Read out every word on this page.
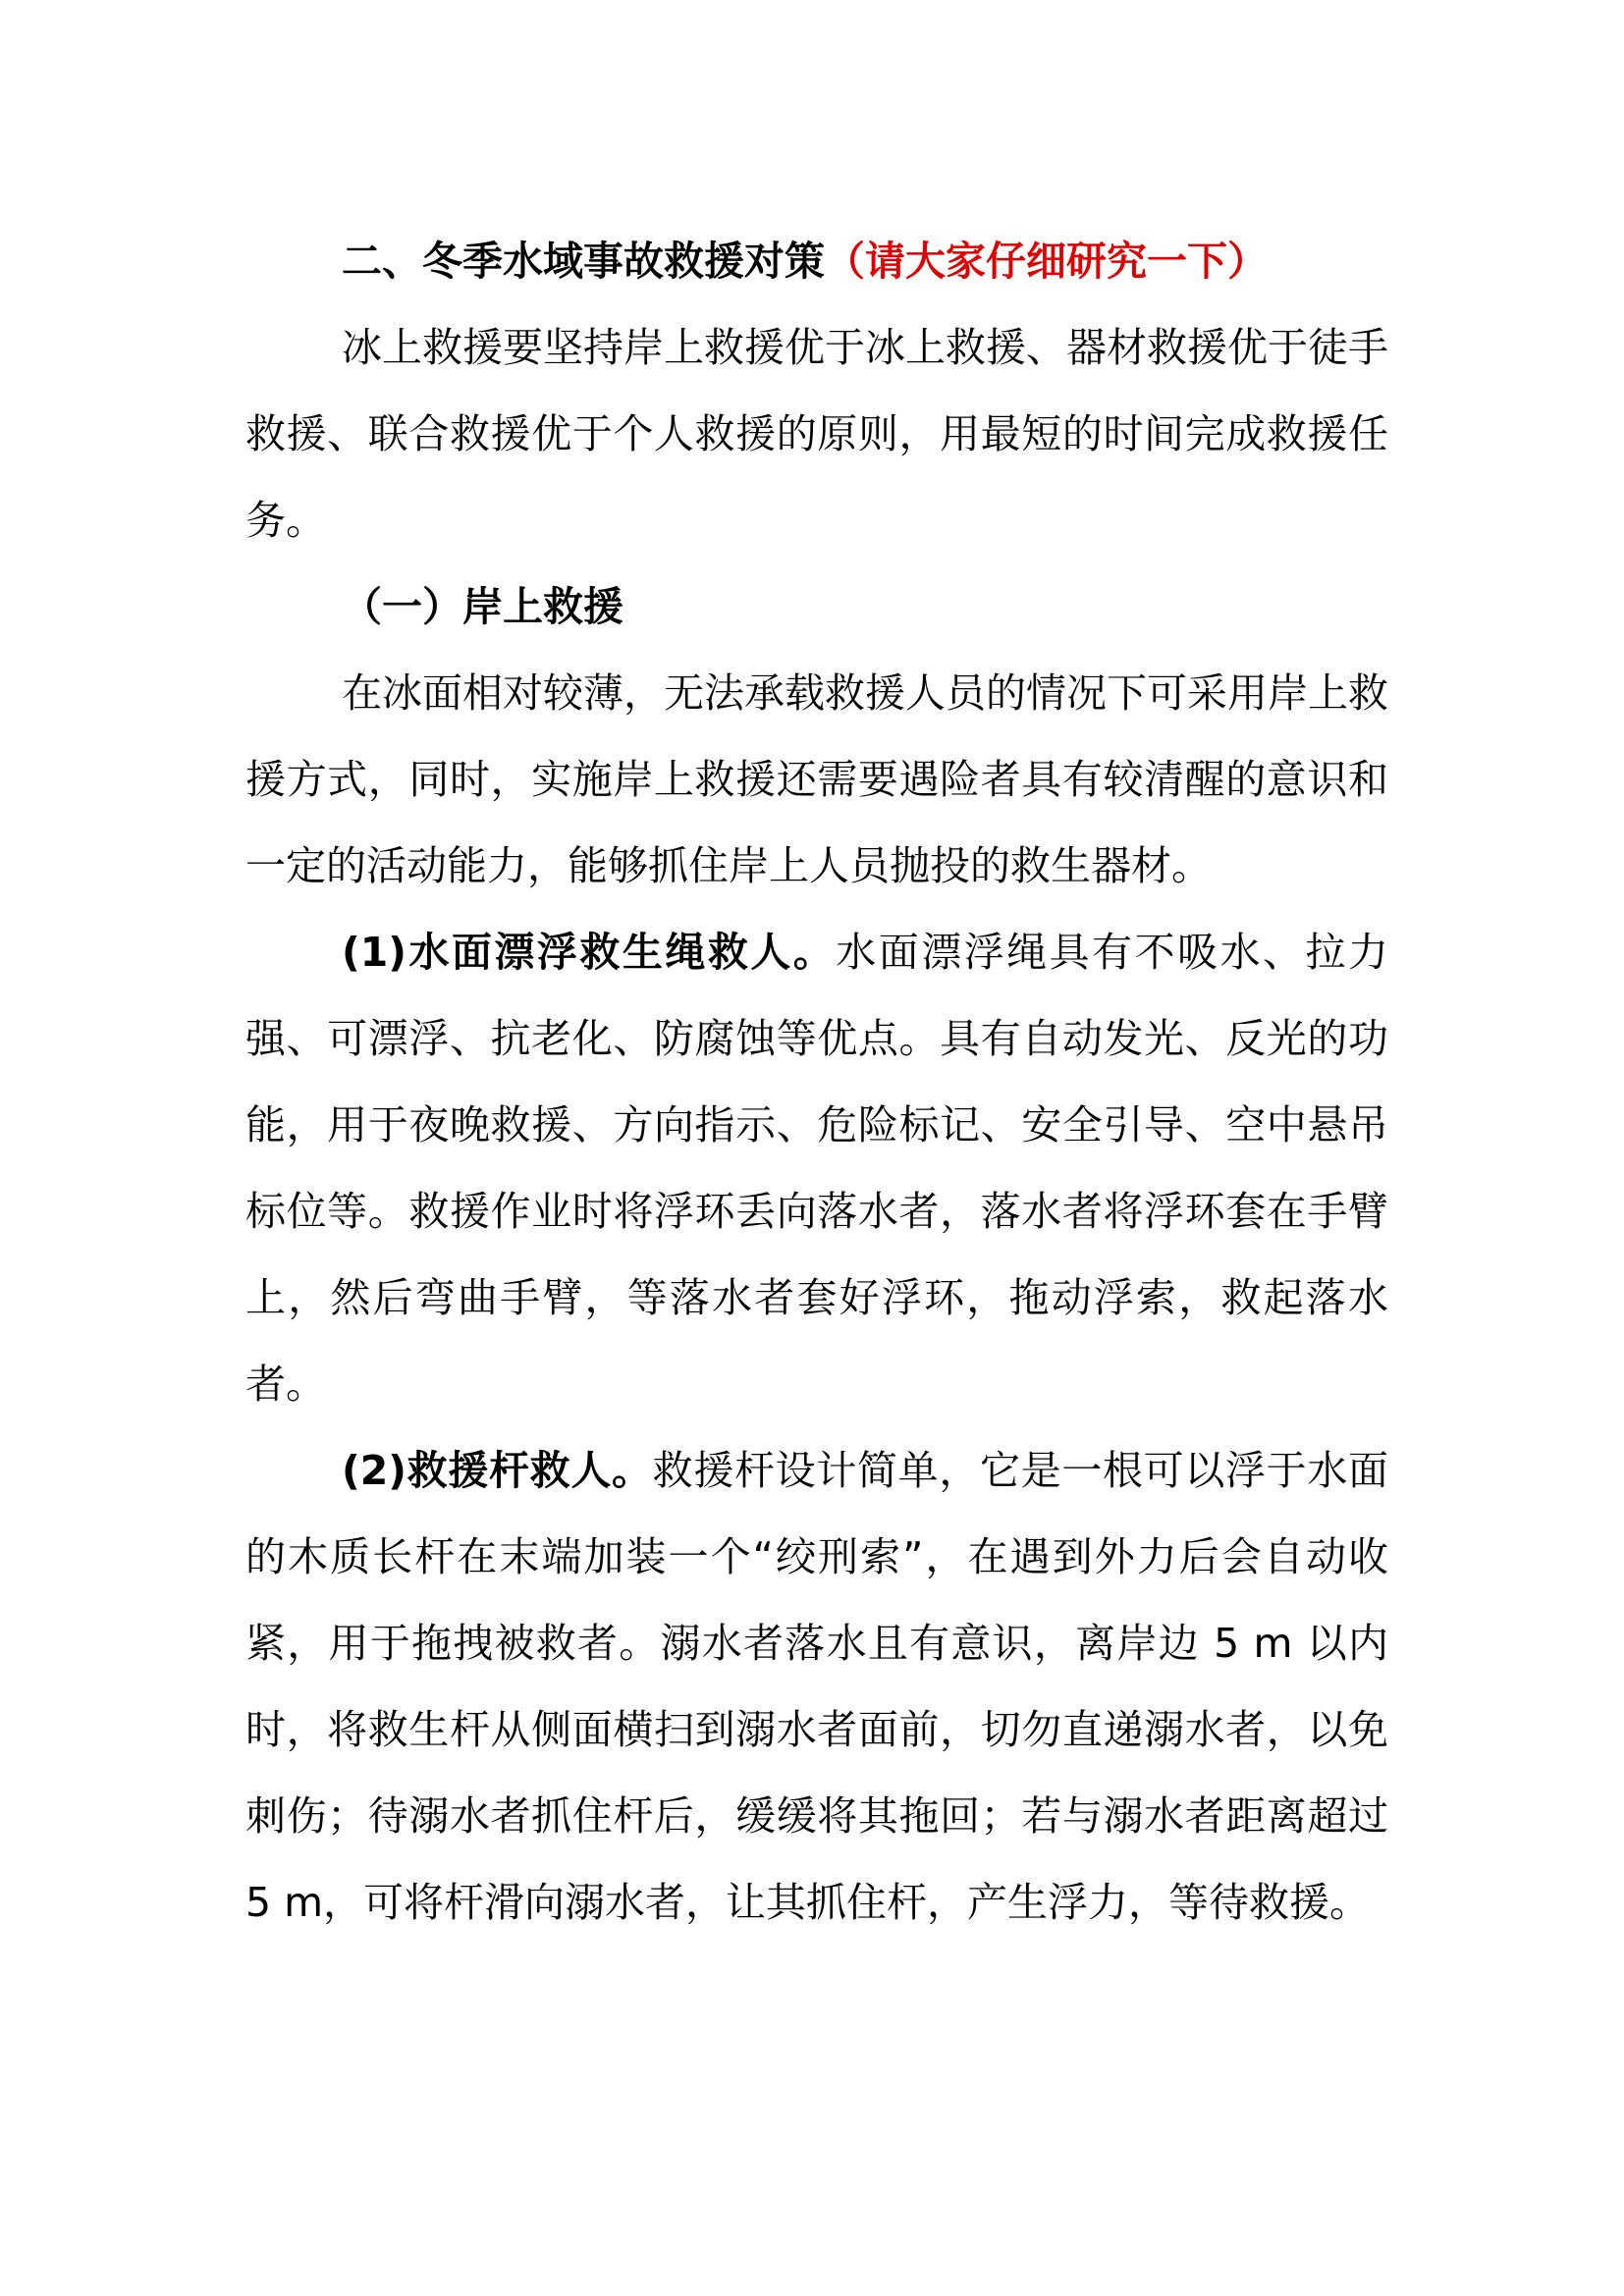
二、冬季水域事故救援对策（请大家仔细研究一下）

冰上救援要坚持岸上救援优于冰上救援、器材救援优于徒手救援、联合救援优于个人救援的原则，用最短的时间完成救援任务。

（一）岸上救援

在冰面相对较薄，无法承载救援人员的情况下可采用岸上救援方式，同时，实施岸上救援还需要遇险者具有较清醒的意识和一定的活动能力，能够抓住岸上人员抛投的救生器材。

(1)水面漂浮救生绳救人。水面漂浮绳具有不吸水、拉力强、可漂浮、抗老化、防腐蚀等优点。具有自动发光、反光的功能，用于夜晚救援、方向指示、危险标记、安全引导、空中悬吊标位等。救援作业时将浮环丢向落水者，落水者将浮环套在手臂上，然后弯曲手臂，等落水者套好浮环，拖动浮索，救起落水者。

(2)救援杆救人。救援杆设计简单，它是一根可以浮于水面的木质长杆在末端加装一个“绞刑索”，在遇到外力后会自动收紧，用于拖拽被救者。溺水者落水且有意识，离岸边 5 m 以内时，将救生杆从侧面横扫到溺水者面前，切勿直递溺水者，以免刺伤；待溺水者抓住杆后，缓缓将其拖回；若与溺水者距离超过 5 m，可将杆滑向溺水者，让其抓住杆，产生浮力，等待救援。
